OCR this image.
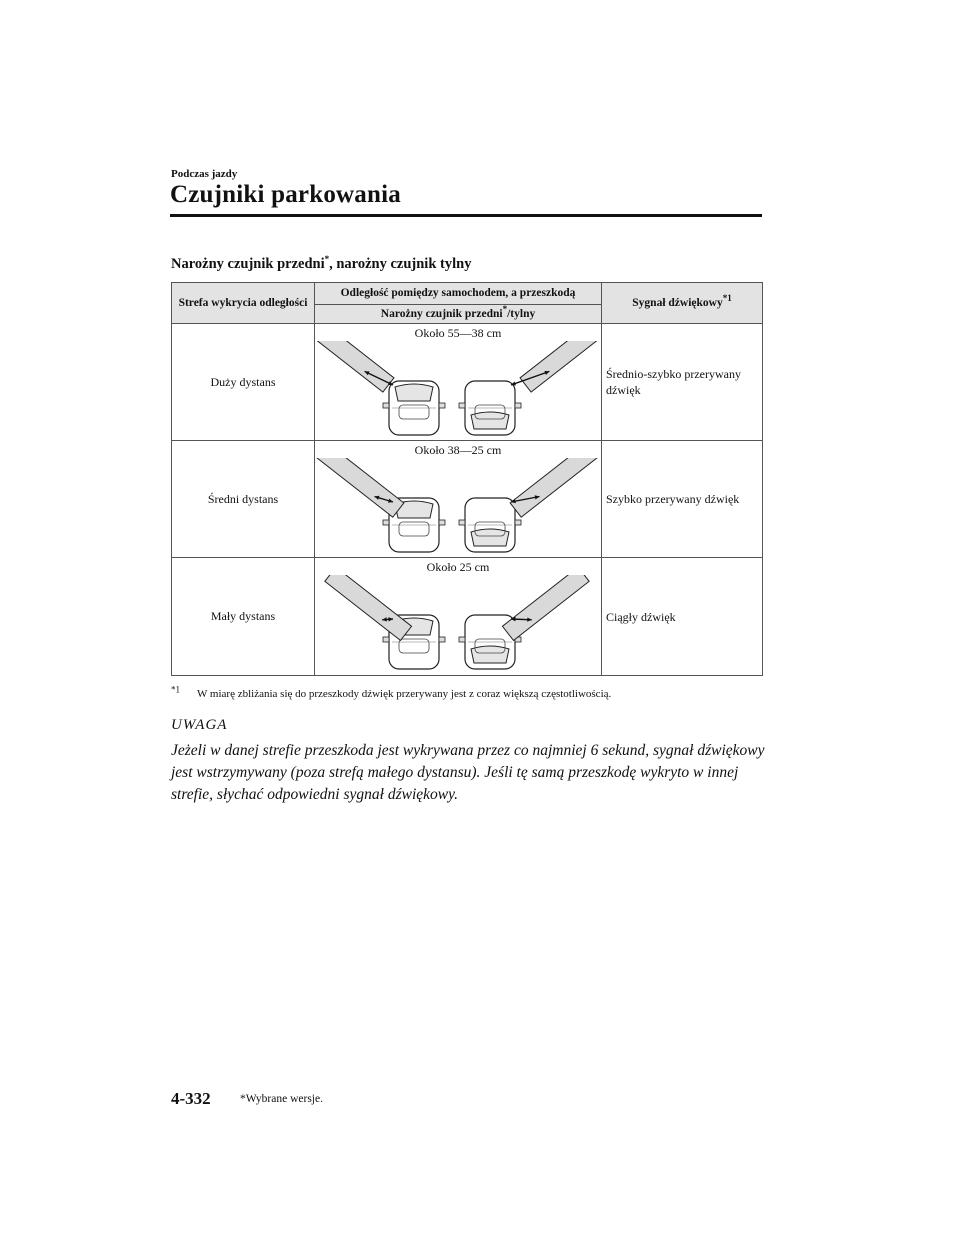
Podczas jazdy
Czujniki parkowania
Narożny czujnik przedni*, narożny czujnik tylny
Strefa wykrycia odległości	Odległość pomiędzy samochodem, a przeszkodą	Sygnał dźwiękowy$^{*1}$
	Narożny czujnik przedni*/tylny	
Duży dystans	Około 55―38 cm	Średnio-szybko przerywany dźwięk
Średni dystans	Około 38―25 cm	Szybko przerywany dźwięk
Mały dystans	Około 25 cm	Ciągły dźwięk
$^{*1}$ W miarę zbliżania się do przeszkody dźwięk przerywany jest z coraz większą częstotliwością.
UWAGA
Jeżeli w danej strefie przeszkoda jest wykrywana przez co najmniej 6 sekund, sygnał dźwiękowy jest wstrzymywany (poza strefą małego dystansu). Jeśli tę samą przeszkodę wykryto w innej strefie, słychać odpowiedni sygnał dźwiękowy.
4-332	*Wybrane wersje.
